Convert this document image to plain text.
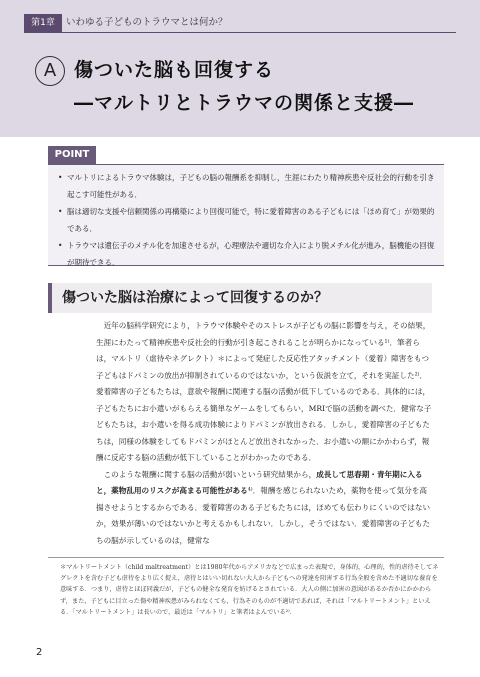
第1章	いわゆる子どものトラウマとは何か？
A 傷ついた脳も回復する
―マルトリとトラウマの関係と支援―
POINT
• マルトリによるトラウマ体験は，子どもの脳の報酬系を抑制し，生涯にわたり精神疾患や反社会的行動を引き起こす可能性がある．
• 脳は適切な支援や信頼関係の再構築により回復可能で，特に愛着障害のある子どもには「ほめ育て」が効果的である．
• トラウマは遺伝子のメチル化を加速させるが，心理療法や適切な介入により脱メチル化が進み，脳機能の回復が期待できる．
傷ついた脳は治療によって回復するのか？

近年の脳科学研究により，トラウマ体験やそのストレスが子どもの脳に影響を与え，その結果，生涯にわたって精神疾患や反社会的行動が引き起こされることが明らかになっている¹⁾．筆者らは，マルトリ（虐待やネグレクト）＊によって発症した反応性アタッチメント（愛着）障害をもつ子どもはドパミンの放出が抑制されているのではないか，という仮説を立て，それを実証した²⁾．愛着障害の子どもたちは，意欲や報酬に関連する脳の活動が低下しているのである．具体的には，子どもたちにお小遣いがもらえる簡単なゲームをしてもらい，MRIで脳の活動を調べた．健常な子どもたちは，お小遣いを得る成功体験によりドパミンが放出される．しかし，愛着障害の子どもたちは，同様の体験をしてもドパミンがほとんど放出されなかった．お小遣いの額にかかわらず，報酬に反応する脳の活動が低下していることがわかったのである．

このような報酬に関する脳の活動が弱いという研究結果から，成長して思春期・青年期に入ると，薬物乱用のリスクが高まる可能性がある⁴⁾．報酬を感じられないため，薬物を使って気分を高揚させようとするからである．愛着障害のある子どもたちには，ほめても伝わりにくいのではないか，効果が薄いのではないかと考えるかもしれない．しかし，そうではない．愛着障害の子どもたちの脳が示しているのは，健常な

＊マルトリートメント（child maltreatment）とは1980年代からアメリカなどで広まった表現で，身体的，心理的，性的虐待そしてネグレクトを含む子ども虐待をより広く捉え，虐待とはいい切れない大人から子どもへの発達を阻害する行為全般を含めた不適切な養育を意味する．つまり，虐待とほぼ同義だが，子どもの健全な発育を妨げるとされている．大人の側に加害の意図があるか否かにかかわらず，また，子どもに目立った傷や精神疾患がみられなくても，行為そのものが不適切であれば，それは「マルトリートメント」といえる．「マルトリートメント」は長いので，最近は「マルトリ」と筆者はよんでいる²⁾．
2
